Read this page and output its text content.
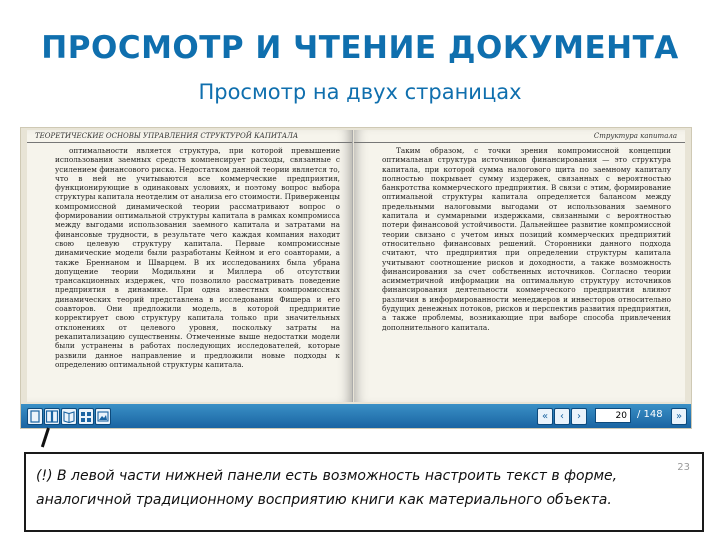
ПРОСМОТР И ЧТЕНИЕ ДОКУМЕНТА
Просмотр на двух страницах
ТЕОРЕТИЧЕСКИЕ ОСНОВЫ УПРАВЛЕНИЯ СТРУКТУРОЙ КАПИТАЛА
оптимальности является структура, при которой превышение использования заемных средств компенсирует расходы, связанные с усилением финансового риска. Недостатком данной теории является то, что в ней не учитываются все коммерческие предприятия, функционирующие в одинаковых условиях, и поэтому вопрос выбора структуры капитала неотделим от анализа его стоимости. Приверженцы компромиссной динамической теории рассматривают вопрос о формировании оптимальной структуры капитала в рамках компромисса между выгодами использования заемного капитала и затратами на финансовые трудности, в результате чего каждая компания находит свою целевую структуру капитала. Первые компромиссные динамические модели были разработаны Кейном и его соавторами, а также Бреннаном и Шварцем. В их исследованиях была убрана допущение теории Модильяни и Миллера об отсутствии трансакционных издержек, что позволило рассматривать поведение предприятия в динамике. При одна известных компромиссных динамических теорий представлена в исследовании Фишера и его соавторов. Они предложили модель, в которой предприятие корректирует свою структуру капитала только при значительных отклонениях от целевого уровня, поскольку затраты на рекапитализацию существенны. Отмеченные выше недостатки модели были устранены в работах последующих исследователей, которые развили данное направление и предложили новые подходы к определению оптимальной структуры капитала.
Структура капитала
Таким образом, с точки зрения компромиссной концепции оптимальная структура источников финансирования — это структура капитала, при которой сумма налогового щита по заемному капиталу полностью покрывает сумму издержек, связанных с вероятностью банкротства коммерческого предприятия. В связи с этим, формирование оптимальной структуры капитала определяется балансом между предельными налоговыми выгодами от использования заемного капитала и суммарными издержками, связанными с вероятностью потери финансовой устойчивости. Дальнейшее развитие компромиссной теории связано с учетом иных позиций коммерческих предприятий относительно финансовых решений. Сторонники данного подхода считают, что предприятия при определении структуры капитала учитывают соотношение рисков и доходности, а также возможность финансирования за счет собственных источников. Согласно теории асимметричной информации на оптимальную структуру источников финансирования деятельности коммерческого предприятия влияют различия в информированности менеджеров и инвесторов относительно будущих денежных потоков, рисков и перспектив развития предприятия, а также проблемы, возникающие при выборе способа привлечения дополнительного капитала.
«	‹	›	20	/ 148	»
(!) В левой части нижней панели есть возможность настроить текст в форме, аналогичной традиционному восприятию книги как материального объекта.
23
